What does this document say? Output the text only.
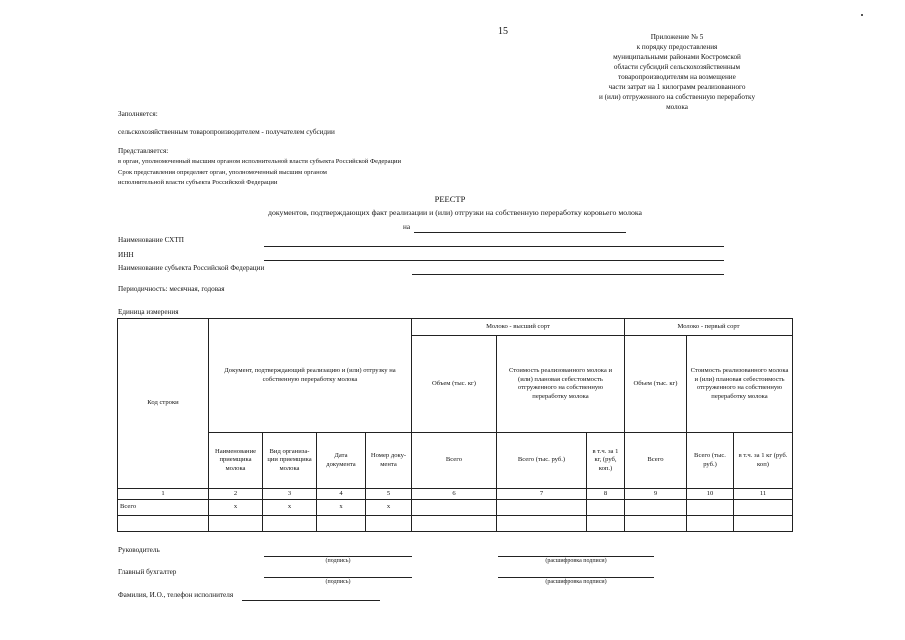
15	Приложение № 5
к порядку предоставления
муниципальными районами Костромской
области субсидий сельскохозяйственным
товаропроизводителям на возмещение
части затрат на 1 килограмм реализованного
и (или) отгруженного на собственную переработку
молока
Заполняется:
сельскохозяйственным товаропроизводителем - получателем субсидии
Представляется:
в орган, уполномоченный высшим органом исполнительной власти субъекта Российской Федерации
Срок представления определяет орган, уполномоченный высшим органом
исполнительной власти субъекта Российской Федерации
РЕЕСТР
документов, подтверждающих факт реализации и (или) отгрузки на собственную переработку коровьего молока
на
Наименование СХТП
ИНН
Наименование субъекта Российской Федерации
Периодичность: месячная, годовая
Единица измерения
Код строки	Документ, подтверждающий реализацию и (или) отгрузку на собственную переработку молока				Молоко - высший сорт			Молоко - первый сорт		
					Объем (тыс. кг)	Стоимость реализованного молока и (или) плановая себестоимость отгруженного на собственную переработку молока		Объем (тыс. кг)	Стоимость реализованного молока и (или) плановая себестоимость отгруженного на собственную переработку молока	
	Наименование приемщика молока	Вид организа-ции приемщика молока	Дата документа	Номер доку-мента	Всего	Всего (тыс. руб.)	в т.ч. за 1 кг, (руб, коп.)	Всего	Всего (тыс. руб.)	в т.ч. за 1 кг (руб. коп)
1	2	3	4	5	6	7	8	9	10	11
Всего	x	x	x	x						

Руководитель
(подпись)	(расшифровка подписи)
Главный бухгалтер
(подпись)	(расшифровка подписи)
Фамилия, И.О., телефон исполнителя
